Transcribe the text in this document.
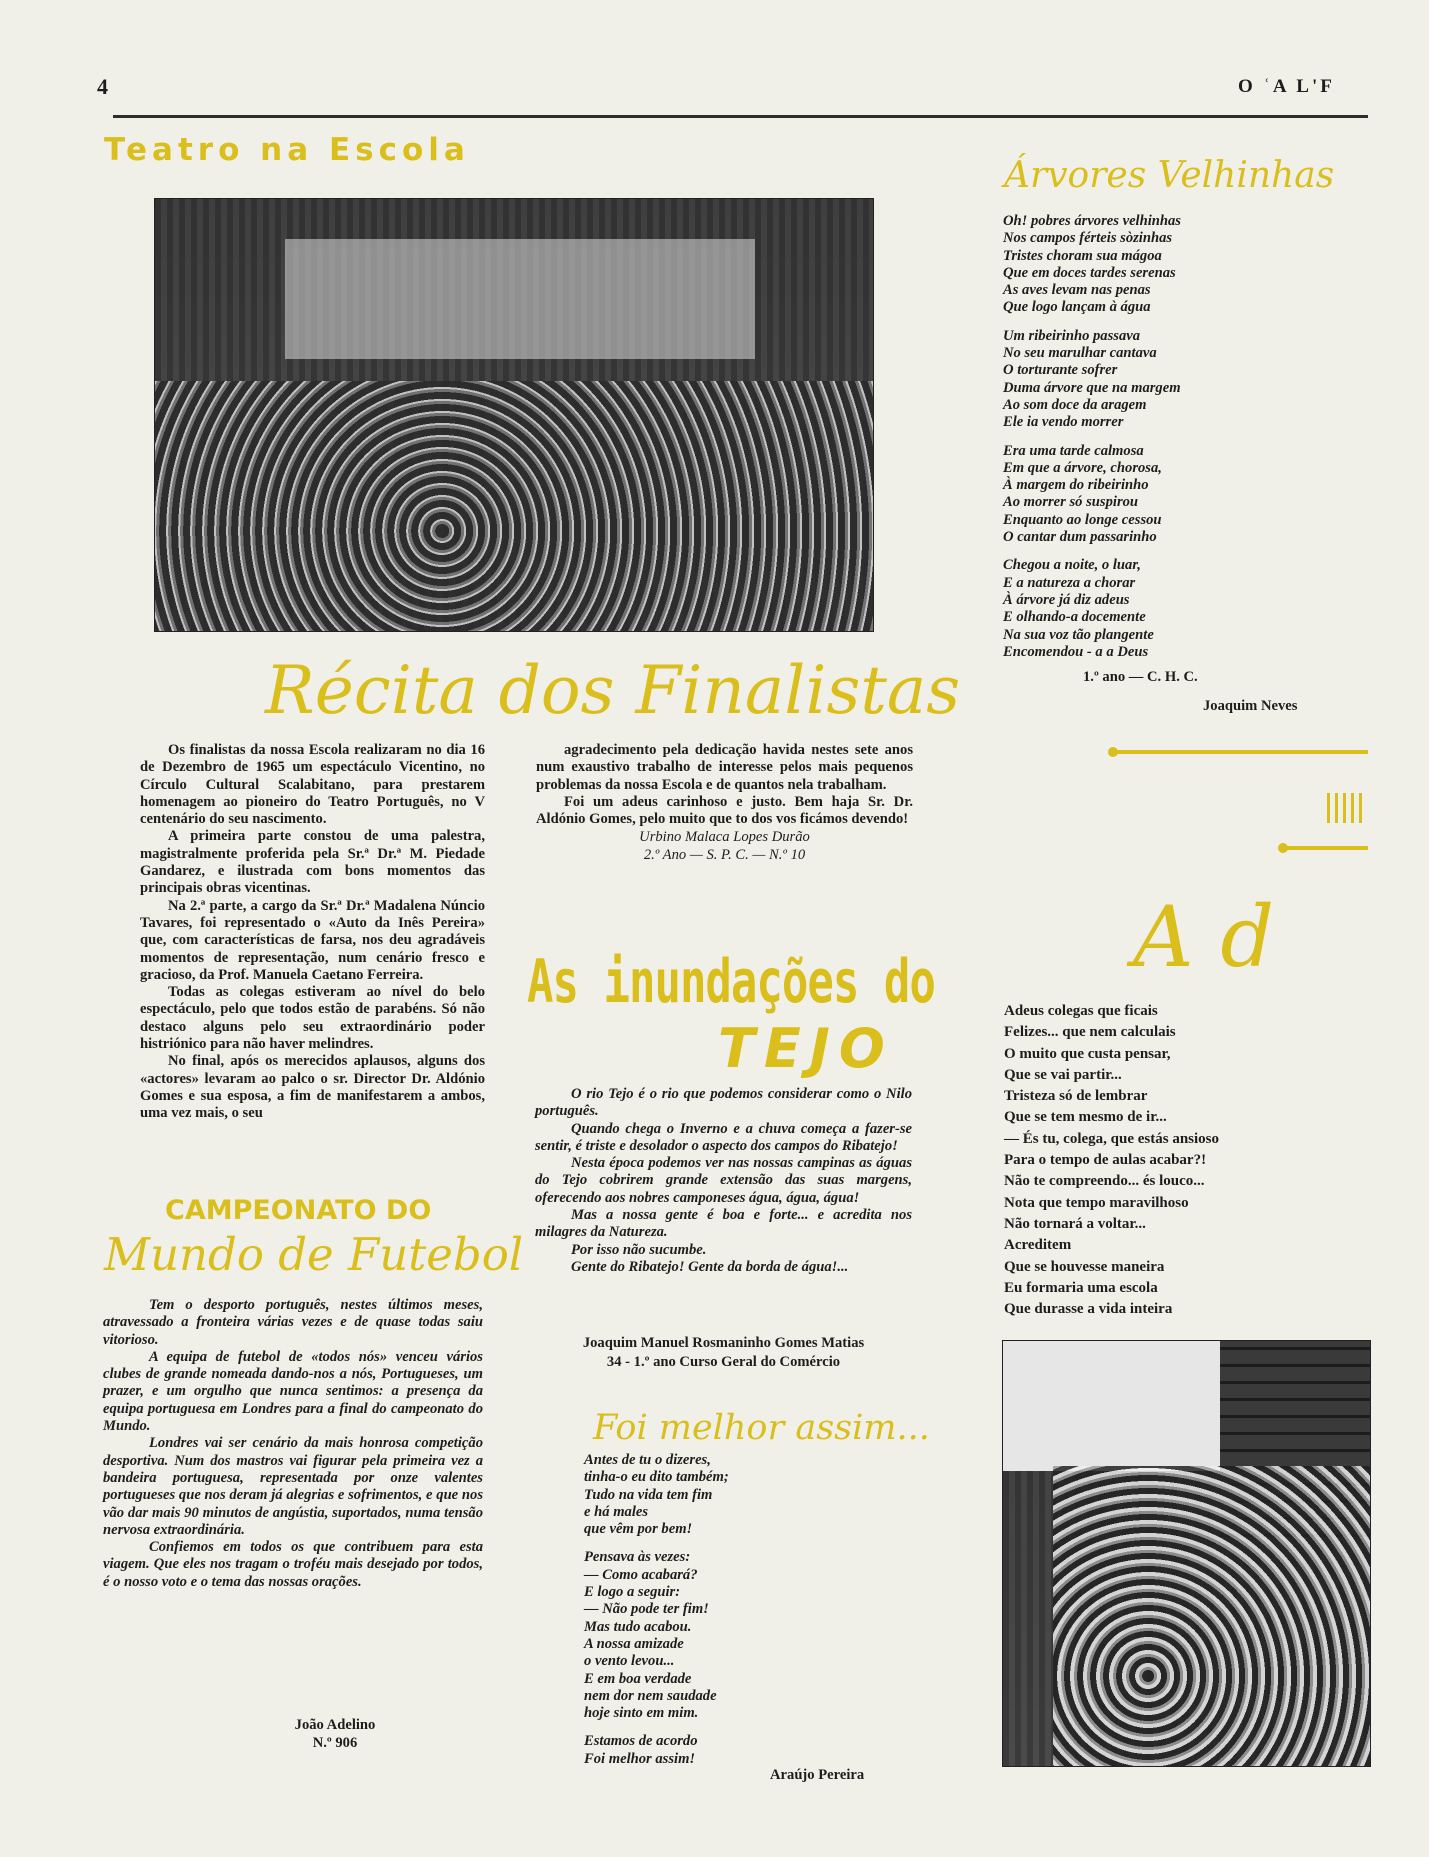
4	O ʿA L'F
Teatro na Escola
Récita dos Finalistas

Os finalistas da nossa Escola realizaram no dia 16 de Dezembro de 1965 um espectáculo Vicentino, no Círculo Cultural Scalabitano, para prestarem homenagem ao pioneiro do Teatro Português, no V centenário do seu nascimento.

A primeira parte constou de uma palestra, magistralmente proferida pela Sr.ª Dr.ª M. Piedade Gandarez, e ilustrada com bons momentos das principais obras vicentinas.

Na 2.ª parte, a cargo da Sr.ª Dr.ª Madalena Núncio Tavares, foi representado o «Auto da Inês Pereira» que, com características de farsa, nos deu agradáveis momentos de representação, num cenário fresco e gracioso, da Prof. Manuela Caetano Ferreira.

Todas as colegas estiveram ao nível do belo espectáculo, pelo que todos estão de parabéns. Só não destaco alguns pelo seu extraordinário poder histriónico para não haver melindres.

No final, após os merecidos aplausos, alguns dos «actores» levaram ao palco o sr. Director Dr. Aldónio Gomes e sua esposa, a fim de manifestarem a ambos, uma vez mais, o seu

agradecimento pela dedicação havida nestes sete anos num exaustivo trabalho de interesse pelos mais pequenos problemas da nossa Escola e de quantos nela trabalham.

Foi um adeus carinhoso e justo. Bem haja Sr. Dr. Aldónio Gomes, pelo muito que to dos vos ficámos devendo!

Urbino Malaca Lopes Durão
2.º Ano — S. P. C. — N.º 10
As inundações do
TEJO

O rio Tejo é o rio que podemos considerar como o Nilo português.

Quando chega o Inverno e a chuva começa a fazer-se sentir, é triste e desolador o aspecto dos campos do Ribatejo!

Nesta época podemos ver nas nossas campinas as águas do Tejo cobrirem grande extensão das suas margens, oferecendo aos nobres camponeses água, água, água!

Mas a nossa gente é boa e forte... e acredita nos milagres da Natureza.

Por isso não sucumbe.

Gente do Ribatejo! Gente da borda de água!...

Joaquim Manuel Rosmaninho Gomes Matias
34 - 1.º ano Curso Geral do Comércio
CAMPEONATO DO
Mundo de Futebol

Tem o desporto português, nestes últimos meses, atravessado a fronteira várias vezes e de quase todas saiu vitorioso.

A equipa de futebol de «todos nós» venceu vários clubes de grande nomeada dando-nos a nós, Portugueses, um prazer, e um orgulho que nunca sentimos: a presença da equipa portuguesa em Londres para a final do campeonato do Mundo.

Londres vai ser cenário da mais honrosa competição desportiva. Num dos mastros vai figurar pela primeira vez a bandeira portuguesa, representada por onze valentes portugueses que nos deram já alegrias e sofrimentos, e que nos vão dar mais 90 minutos de angústia, suportados, numa tensão nervosa extraordinária.

Confiemos em todos os que contribuem para esta viagem. Que eles nos tragam o troféu mais desejado por todos, é o nosso voto e o tema das nossas orações.

João Adelino
N.º 906
Foi melhor assim...
Antes de tu o dizeres,
tinha-o eu dito também;
Tudo na vida tem fim
e há males
que vêm por bem!
Pensava às vezes:
— Como acabará?
E logo a seguir:
— Não pode ter fim!
Mas tudo acabou.
A nossa amizade
o vento levou...
E em boa verdade
nem dor nem saudade
hoje sinto em mim.
Estamos de acordo
Foi melhor assim!
Araújo Pereira
Árvores Velhinhas
Oh! pobres árvores velhinhas
Nos campos férteis sòzinhas
Tristes choram sua mágoa
Que em doces tardes serenas
As aves levam nas penas
Que logo lançam à água
Um ribeirinho passava
No seu marulhar cantava
O torturante sofrer
Duma árvore que na margem
Ao som doce da aragem
Ele ia vendo morrer
Era uma tarde calmosa
Em que a árvore, chorosa,
À margem do ribeirinho
Ao morrer só suspirou
Enquanto ao longe cessou
O cantar dum passarinho
Chegou a noite, o luar,
E a natureza a chorar
À árvore já diz adeus
E olhando-a docemente
Na sua voz tão plangente
Encomendou - a a Deus
1.º ano — C. H. C.
Joaquim Neves
A d
Adeus colegas que ficais
Felizes... que nem calculais
O muito que custa pensar,
Que se vai partir...
Tristeza só de lembrar
Que se tem mesmo de ir...
— És tu, colega, que estás ansioso
Para o tempo de aulas acabar?!
Não te compreendo... és louco...
Nota que tempo maravilhoso
Não tornará a voltar...
Acreditem
Que se houvesse maneira
Eu formaria uma escola
Que durasse a vida inteira
